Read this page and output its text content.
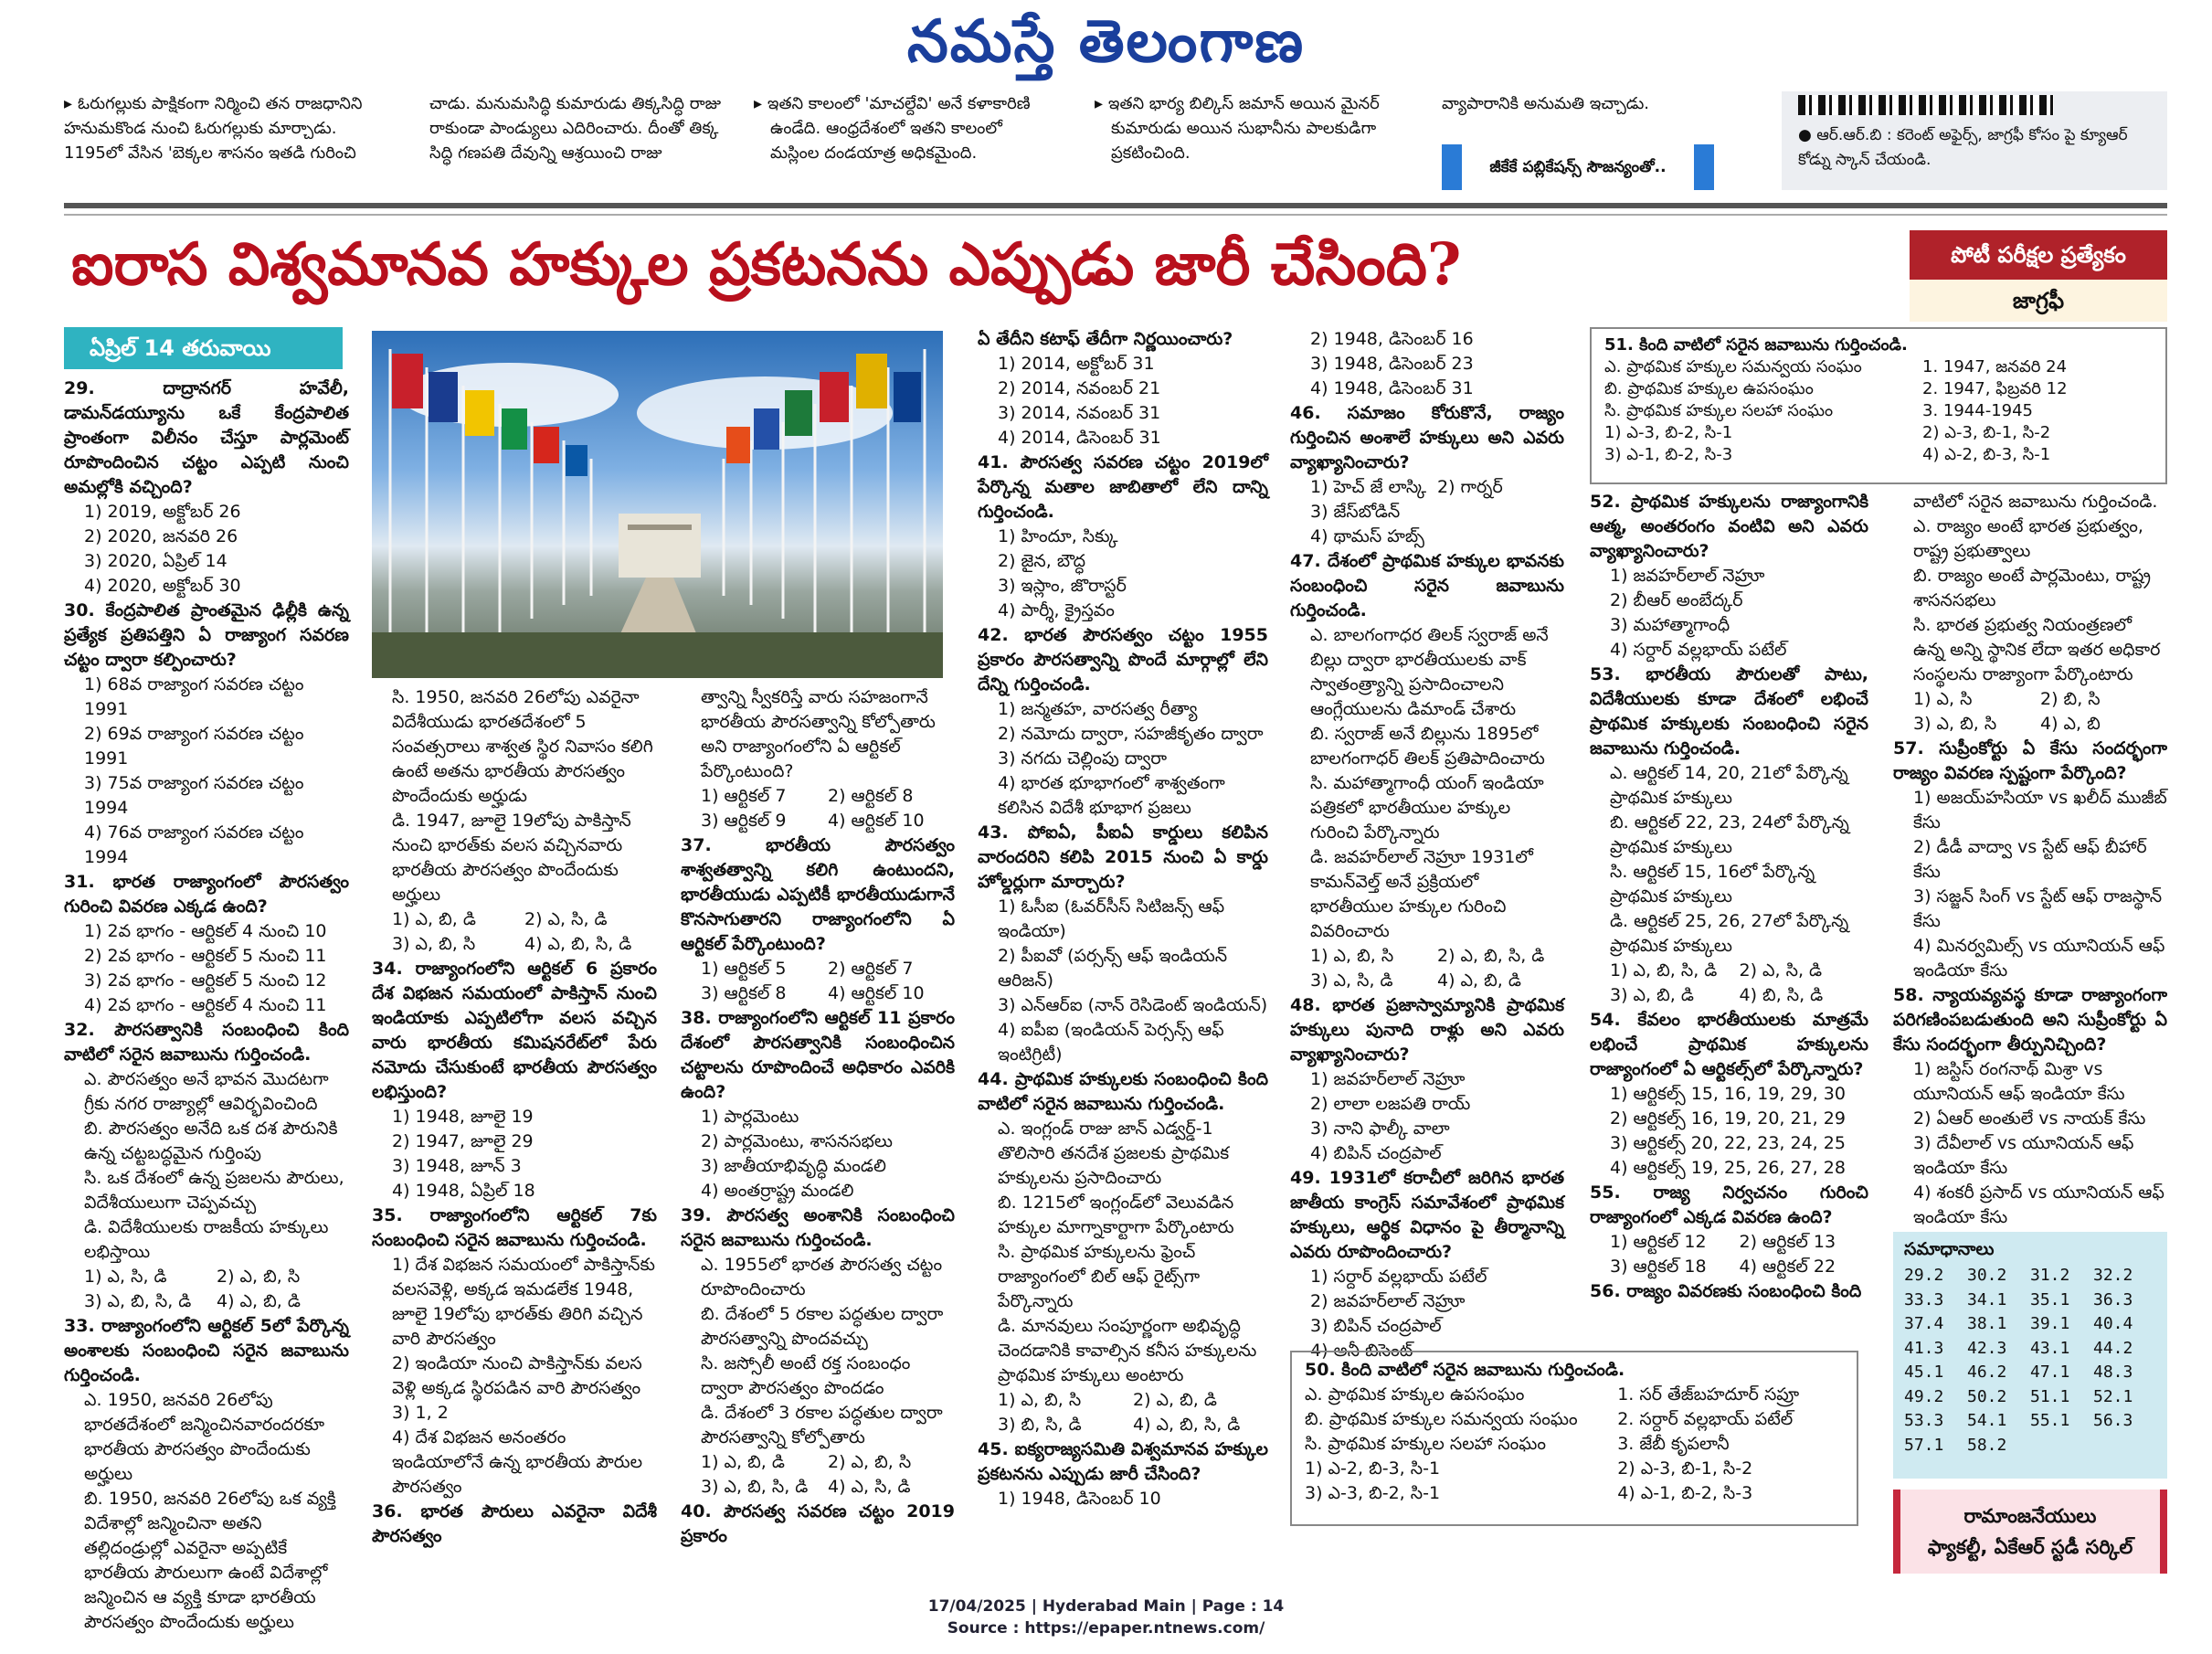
నమస్తే తెలంగాణ
▸ ఓరుగల్లుకు పాక్షికంగా నిర్మించి తన రాజధానిని
హనుమకొండ నుంచి ఓరుగల్లుకు మార్చాడు.
1195లో వేసిన 'బెక్కల శాసనం ఇతడి గురించి
చాడు. మనుమసిద్ధి కుమారుడు తిక్కసిద్ధి రాజు
రాకుండా పాండ్యులు ఎదిరించారు. దీంతో తిక్క
సిద్ధి గణపతి దేవున్ని ఆశ్రయించి రాజు
▸ ఇతని కాలంలో 'మాచల్దేవి' అనే కళాకారిణి
ఉండేది. ఆంధ్రదేశంలో ఇతని కాలంలో
మస్లింల దండయాత్ర అధికమైంది.
▸ ఇతని భార్య బిల్కిస్ జమాన్ అయిన మైనర్
కుమారుడు అయిన సుభానీను పాలకుడిగా
ప్రకటించింది.
వ్యాపారానికి అనుమతి ఇచ్చాడు.
జీకేకే పబ్లికేషన్స్ సౌజన్యంతో..
● ఆర్.ఆర్.బి : కరెంట్ అఫైర్స్, జాగ్రఫీ కోసం పై క్యూఆర్ కోడ్ను స్కాన్ చేయండి.
ఐరాస విశ్వమానవ హక్కుల ప్రకటనను ఎప్పుడు జారీ చేసింది?	పోటీ పరీక్షల ప్రత్యేకం
జాగ్రఫీ
ఏప్రిల్ 14 తరువాయి
29. దాద్రానగర్ హవేలీ, డామన్‌డయ్యూను ఒకే కేంద్రపాలిత ప్రాంతంగా విలీనం చేస్తూ పార్లమెంట్ రూపొందించిన చట్టం ఎప్పటి నుంచి అమల్లోకి వచ్చింది?
1) 2019, అక్టోబర్ 26
2) 2020, జనవరి 26
3) 2020, ఏప్రిల్ 14
4) 2020, అక్టోబర్ 30
30. కేంద్రపాలిత ప్రాంతమైన ఢిల్లీకి ఉన్న ప్రత్యేక ప్రతిపత్తిని ఏ రాజ్యాంగ సవరణ చట్టం ద్వారా కల్పించారు?
1) 68వ రాజ్యాంగ సవరణ చట్టం 1991
2) 69వ రాజ్యాంగ సవరణ చట్టం 1991
3) 75వ రాజ్యాంగ సవరణ చట్టం 1994
4) 76వ రాజ్యాంగ సవరణ చట్టం 1994
31. భారత రాజ్యాంగంలో పౌరసత్వం గురించి వివరణ ఎక్కడ ఉంది?
1) 2వ భాగం - ఆర్టికల్ 4 నుంచి 10
2) 2వ భాగం - ఆర్టికల్ 5 నుంచి 11
3) 2వ భాగం - ఆర్టికల్ 5 నుంచి 12
4) 2వ భాగం - ఆర్టికల్ 4 నుంచి 11
32. పౌరసత్వానికి సంబంధించి కింది వాటిలో సరైన జవాబును గుర్తించండి.
ఎ. పౌరసత్వం అనే భావన మొదటగా గ్రీకు నగర రాజ్యాల్లో ఆవిర్భవించింది
బి. పౌరసత్వం అనేది ఒక దశ పౌరునికి ఉన్న చట్టబద్ధమైన గుర్తింపు
సి. ఒక దేశంలో ఉన్న ప్రజలను పౌరులు, విదేశీయులుగా చెప్పవచ్చు
డి. విదేశీయులకు రాజకీయ హక్కులు లభిస్తాయి
1) ఎ, సి, డి	2) ఎ, బి, సి
3) ఎ, బి, సి, డి	4) ఎ, బి, డి
33. రాజ్యాంగంలోని ఆర్టికల్ 5లో పేర్కొన్న అంశాలకు సంబంధించి సరైన జవాబును గుర్తించండి.
ఎ. 1950, జనవరి 26లోపు భారతదేశంలో జన్మించినవారందరకూ భారతీయ పౌరసత్వం పొందేందుకు అర్హులు
బి. 1950, జనవరి 26లోపు ఒక వ్యక్తి విదేశాల్లో జన్మించినా అతని తల్లిదండ్రుల్లో ఎవరైనా అప్పటికే భారతీయ పౌరులుగా ఉంటే విదేశాల్లో జన్మించిన ఆ వ్యక్తి కూడా భారతీయ పౌరసత్వం పొందేందుకు అర్హులు
సి. 1950, జనవరి 26లోపు ఎవరైనా విదేశీయుడు భారతదేశంలో 5 సంవత్సరాలు శాశ్వత స్థిర నివాసం కలిగి ఉంటే అతను భారతీయ పౌరసత్వం పొందేందుకు అర్హుడు
డి. 1947, జూలై 19లోపు పాకిస్తాన్ నుంచి భారత్‌కు వలస వచ్చినవారు భారతీయ పౌరసత్వం పొందేందుకు అర్హులు
1) ఎ, బి, డి	2) ఎ, సి, డి
3) ఎ, బి, సి	4) ఎ, బి, సి, డి
34. రాజ్యాంగంలోని ఆర్టికల్ 6 ప్రకారం దేశ విభజన సమయంలో పాకిస్తాన్ నుంచి ఇండియాకు ఎప్పటిలోగా వలస వచ్చిన వారు భారతీయ కమిషనరేట్‌లో పేరు నమోదు చేసుకుంటే భారతీయ పౌరసత్వం లభిస్తుంది?
1) 1948, జూలై 19
2) 1947, జూలై 29
3) 1948, జూన్ 3
4) 1948, ఏప్రిల్ 18
35. రాజ్యాంగంలోని ఆర్టికల్ 7కు సంబంధించి సరైన జవాబును గుర్తించండి.
1) దేశ విభజన సమయంలో పాకిస్తాన్‌కు వలసవెళ్లి, అక్కడ ఇమడలేక 1948, జూలై 19లోపు భారత్‌కు తిరిగి వచ్చిన వారి పౌరసత్వం
2) ఇండియా నుంచి పాకిస్తాన్‌కు వలస వెళ్లి అక్కడ స్థిరపడిన వారి పౌరసత్వం
3) 1, 2
4) దేశ విభజన అనంతరం ఇండియాలోనే ఉన్న భారతీయ పౌరుల పౌరసత్వం
36. భారత పౌరులు ఎవరైనా విదేశీ పౌరసత్వం
త్వాన్ని స్వీకరిస్తే వారు సహజంగానే భారతీయ పౌరసత్వాన్ని కోల్పోతారు అని రాజ్యాంగంలోని ఏ ఆర్టికల్ పేర్కొంటుంది?
1) ఆర్టికల్ 7	2) ఆర్టికల్ 8
3) ఆర్టికల్ 9	4) ఆర్టికల్ 10
37. భారతీయ పౌరసత్వం శాశ్వతత్వాన్ని కలిగి ఉంటుందని, భారతీయుడు ఎప్పటికీ భారతీయుడుగానే కొనసాగుతారని రాజ్యాంగంలోని ఏ ఆర్టికల్ పేర్కొంటుంది?
1) ఆర్టికల్ 5	2) ఆర్టికల్ 7
3) ఆర్టికల్ 8	4) ఆర్టికల్ 10
38. రాజ్యాంగంలోని ఆర్టికల్ 11 ప్రకారం దేశంలో పౌరసత్వానికి సంబంధించిన చట్టాలను రూపొందించే అధికారం ఎవరికి ఉంది?
1) పార్లమెంటు
2) పార్లమెంటు, శాసనసభలు
3) జాతీయాభివృద్ధి మండలి
4) అంతర్రాష్ట్ర మండలి
39. పౌరసత్వ అంశానికి సంబంధించి సరైన జవాబును గుర్తించండి.
ఎ. 1955లో భారత పౌరసత్వ చట్టం రూపొందించారు
బి. దేశంలో 5 రకాల పద్ధతుల ద్వారా పౌరసత్వాన్ని పొందవచ్చు
సి. జస్సోలీ అంటే రక్త సంబంధం ద్వారా పౌరసత్వం పొందడం
డి. దేశంలో 3 రకాల పద్ధతుల ద్వారా పౌరసత్వాన్ని కోల్పోతారు
1) ఎ, బి, డి	2) ఎ, బి, సి
3) ఎ, బి, సి, డి	4) ఎ, సి, డి
40. పౌరసత్వ సవరణ చట్టం 2019 ప్రకారం
ఏ తేదీని కటాఫ్ తేదీగా నిర్ణయించారు?
1) 2014, అక్టోబర్ 31
2) 2014, నవంబర్ 21
3) 2014, నవంబర్ 31
4) 2014, డిసెంబర్ 31
41. పౌరసత్వ సవరణ చట్టం 2019లో పేర్కొన్న మతాల జాబితాలో లేని దాన్ని గుర్తించండి.
1) హిందూ, సిక్కు
2) జైన, బౌద్ధ
3) ఇస్లాం, జొరాస్టర్
4) పార్శీ, క్రైస్తవం
42. భారత పౌరసత్వం చట్టం 1955 ప్రకారం పౌరసత్వాన్ని పొందే మార్గాల్లో లేని దేన్ని గుర్తించండి.
1) జన్మతహ, వారసత్వ రీత్యా
2) నమోదు ద్వారా, సహజీకృతం ద్వారా
3) నగదు చెల్లింపు ద్వారా
4) భారత భూభాగంలో శాశ్వతంగా కలిసిన విదేశీ భూభాగ ప్రజలు
43. పోఐఏ, పీఐఏ కార్డులు కలిపిన వారందరిని కలిపి 2015 నుంచి ఏ కార్డు హోల్డర్లుగా మార్చారు?
1) ఓసీఐ (ఓవర్‌సీస్ సిటిజన్స్ ఆఫ్ ఇండియా)
2) పీఐవో (పర్సన్స్ ఆఫ్ ఇండియన్ ఆరిజన్)
3) ఎన్ఆర్ఐ (నాన్ రెసిడెంట్ ఇండియన్)
4) ఐపీఐ (ఇండియన్ పెర్సన్స్ ఆఫ్ ఇంటిగ్రిటీ)
44. ప్రాథమిక హక్కులకు సంబంధించి కింది వాటిలో సరైన జవాబును గుర్తించండి.
ఎ. ఇంగ్లండ్ రాజు జాన్ ఎడ్వర్డ్-1 తొలిసారి తనదేశ ప్రజలకు ప్రాథమిక హక్కులను ప్రసాదించారు
బి. 1215లో ఇంగ్లండ్‌లో వెలువడిన హక్కుల మాగ్నాకార్టాగా పేర్కొంటారు
సి. ప్రాథమిక హక్కులను ఫ్రెంచ్ రాజ్యాంగంలో బిల్ ఆఫ్ రైట్స్‌గా పేర్కొన్నారు
డి. మానవులు సంపూర్ణంగా అభివృద్ధి చెందడానికి కావాల్సిన కనీస హక్కులను ప్రాథమిక హక్కులు అంటారు
1) ఎ, బి, సి	2) ఎ, బి, డి
3) బి, సి, డి	4) ఎ, బి, సి, డి
45. ఐక్యరాజ్యసమితి విశ్వమానవ హక్కుల ప్రకటనను ఎప్పుడు జారీ చేసింది?
1) 1948, డిసెంబర్ 10
2) 1948, డిసెంబర్ 16
3) 1948, డిసెంబర్ 23
4) 1948, డిసెంబర్ 31
46. సమాజం కోరుకొనే, రాజ్యం గుర్తించిన అంశాలే హక్కులు అని ఎవరు వ్యాఖ్యానించారు?
1) హెచ్ జే లాస్కి 2) గార్నర్
3) జేస్‌బోడిన్
4) థామస్ హబ్స్
47. దేశంలో ప్రాథమిక హక్కుల భావనకు సంబంధించి సరైన జవాబును గుర్తించండి.
ఎ. బాలగంగాధర తిలక్ స్వరాజ్ అనే బిల్లు ద్వారా భారతీయులకు వాక్ స్వాతంత్ర్యాన్ని ప్రసాదించాలని ఆంగ్లేయులను డిమాండ్ చేశారు
బి. స్వరాజ్ అనే బిల్లును 1895లో బాలగంగాధర్ తిలక్ ప్రతిపాదించారు
సి. మహాత్మాగాంధీ యంగ్ ఇండియా పత్రికలో భారతీయుల హక్కుల గురించి పేర్కొన్నారు
డి. జవహర్‌లాల్ నెహ్రూ 1931లో కామన్‌వెల్త్ అనే ప్రక్రియలో భారతీయుల హక్కుల గురించి వివరించారు
1) ఎ, బి, సి	2) ఎ, బి, సి, డి
3) ఎ, సి, డి	4) ఎ, బి, డి
48. భారత ప్రజాస్వామ్యానికి ప్రాథమిక హక్కులు పునాది రాళ్లు అని ఎవరు వ్యాఖ్యానించారు?
1) జవహర్‌లాల్ నెహ్రూ
2) లాలా లజపతి రాయ్
3) నాని ఫాల్కీ వాలా
4) బిపిన్ చంద్రపాల్
49. 1931లో కరాచీలో జరిగిన భారత జాతీయ కాంగ్రెస్ సమావేశంలో ప్రాథమిక హక్కులు, ఆర్థిక విధానం పై తీర్మానాన్ని ఎవరు రూపొందించారు?
1) సర్దార్ వల్లభాయ్ పటేల్
2) జవహర్‌లాల్ నెహ్రూ
3) బిపిన్ చంద్రపాల్
4) అనీ బిసెంట్
50. కింది వాటిలో సరైన జవాబును గుర్తించండి.
ఎ. ప్రాథమిక హక్కుల ఉపసంఘం	1. సర్ తేజ్‌బహదూర్ సప్రూ
బి. ప్రాథమిక హక్కుల సమన్వయ సంఘం	2. సర్దార్ వల్లభాయ్ పటేల్
సి. ప్రాథమిక హక్కుల సలహా సంఘం	3. జేబీ కృపలానీ
1) ఎ-2, బి-3, సి-1	2) ఎ-3, బి-1, సి-2
3) ఎ-3, బి-2, సి-1	4) ఎ-1, బి-2, సి-3
51. కింది వాటిలో సరైన జవాబును గుర్తించండి.
ఎ. ప్రాథమిక హక్కుల సమన్వయ సంఘం	1. 1947, జనవరి 24
బి. ప్రాథమిక హక్కుల ఉపసంఘం	2. 1947, ఫిబ్రవరి 12
సి. ప్రాథమిక హక్కుల సలహా సంఘం	3. 1944-1945
1) ఎ-3, బి-2, సి-1	2) ఎ-3, బి-1, సి-2
3) ఎ-1, బి-2, సి-3	4) ఎ-2, బి-3, సి-1
52. ప్రాథమిక హక్కులను రాజ్యాంగానికి ఆత్మ, అంతరంగం వంటివి అని ఎవరు వ్యాఖ్యానించారు?
1) జవహర్‌లాల్ నెహ్రూ
2) బీఆర్ అంబేద్కర్
3) మహాత్మాగాంధీ
4) సర్దార్ వల్లభాయ్ పటేల్
53. భారతీయ పౌరులతో పాటు, విదేశీయులకు కూడా దేశంలో లభించే ప్రాథమిక హక్కులకు సంబంధించి సరైన జవాబును గుర్తించండి.
ఎ. ఆర్టికల్ 14, 20, 21లో పేర్కొన్న ప్రాథమిక హక్కులు
బి. ఆర్టికల్ 22, 23, 24లో పేర్కొన్న ప్రాథమిక హక్కులు
సి. ఆర్టికల్ 15, 16లో పేర్కొన్న ప్రాథమిక హక్కులు
డి. ఆర్టికల్ 25, 26, 27లో పేర్కొన్న ప్రాథమిక హక్కులు
1) ఎ, బి, సి, డి	2) ఎ, సి, డి
3) ఎ, బి, డి	4) బి, సి, డి
54. కేవలం భారతీయులకు మాత్రమే లభించే ప్రాథమిక హక్కులను రాజ్యాంగంలో ఏ ఆర్టికల్స్‌లో పేర్కొన్నారు?
1) ఆర్టికల్స్ 15, 16, 19, 29, 30
2) ఆర్టికల్స్ 16, 19, 20, 21, 29
3) ఆర్టికల్స్ 20, 22, 23, 24, 25
4) ఆర్టికల్స్ 19, 25, 26, 27, 28
55. రాజ్య నిర్వచనం గురించి రాజ్యాంగంలో ఎక్కడ వివరణ ఉంది?
1) ఆర్టికల్ 12	2) ఆర్టికల్ 13
3) ఆర్టికల్ 18	4) ఆర్టికల్ 22
56. రాజ్యం వివరణకు సంబంధించి కింది
వాటిలో సరైన జవాబును గుర్తించండి.
ఎ. రాజ్యం అంటే భారత ప్రభుత్వం, రాష్ట్ర ప్రభుత్వాలు
బి. రాజ్యం అంటే పార్లమెంటు, రాష్ట్ర శాసనసభలు
సి. భారత ప్రభుత్వ నియంత్రణలో ఉన్న అన్ని స్థానిక లేదా ఇతర అధికార సంస్థలను రాజ్యాంగా పేర్కొంటారు
1) ఎ, సి	2) బి, సి
3) ఎ, బి, సి	4) ఎ, బి
57. సుప్రీంకోర్టు ఏ కేసు సందర్భంగా రాజ్యం వివరణ స్పష్టంగా పేర్కొంది?
1) అజయ్‌హసియా vs ఖలీద్ ముజీబ్ కేసు
2) డీడీ వాద్వా vs స్టేట్ ఆఫ్ బీహార్ కేసు
3) సజ్జన్ సింగ్ vs స్టేట్ ఆఫ్ రాజస్థాన్ కేసు
4) మినర్వమిల్స్ vs యూనియన్ ఆఫ్ ఇండియా కేసు
58. న్యాయవ్యవస్థ కూడా రాజ్యాంగంగా పరిగణింపబడుతుంది అని సుప్రీంకోర్టు ఏ కేసు సందర్భంగా తీర్పునిచ్చింది?
1) జస్టిస్ రంగనాథ్ మిశ్రా vs యూనియన్ ఆఫ్ ఇండియా కేసు
2) ఏఆర్ అంతులే vs నాయక్ కేసు
3) దేవీలాల్ vs యూనియన్ ఆఫ్ ఇండియా కేసు
4) శంకరీ ప్రసాద్ vs యూనియన్ ఆఫ్ ఇండియా కేసు
సమాధానాలు
29.2	30.2	31.2	32.2
33.3	34.1	35.1	36.3
37.4	38.1	39.1	40.4
41.3	42.3	43.1	44.2
45.1	46.2	47.1	48.3
49.2	50.2	51.1	52.1
53.3	54.1	55.1	56.3
57.1	58.2
రామాంజనేయులు
ఫ్యాకల్టీ, ఏకేఆర్ స్టడీ సర్కిల్
17/04/2025 | Hyderabad Main | Page : 14
Source : https://epaper.ntnews.com/
